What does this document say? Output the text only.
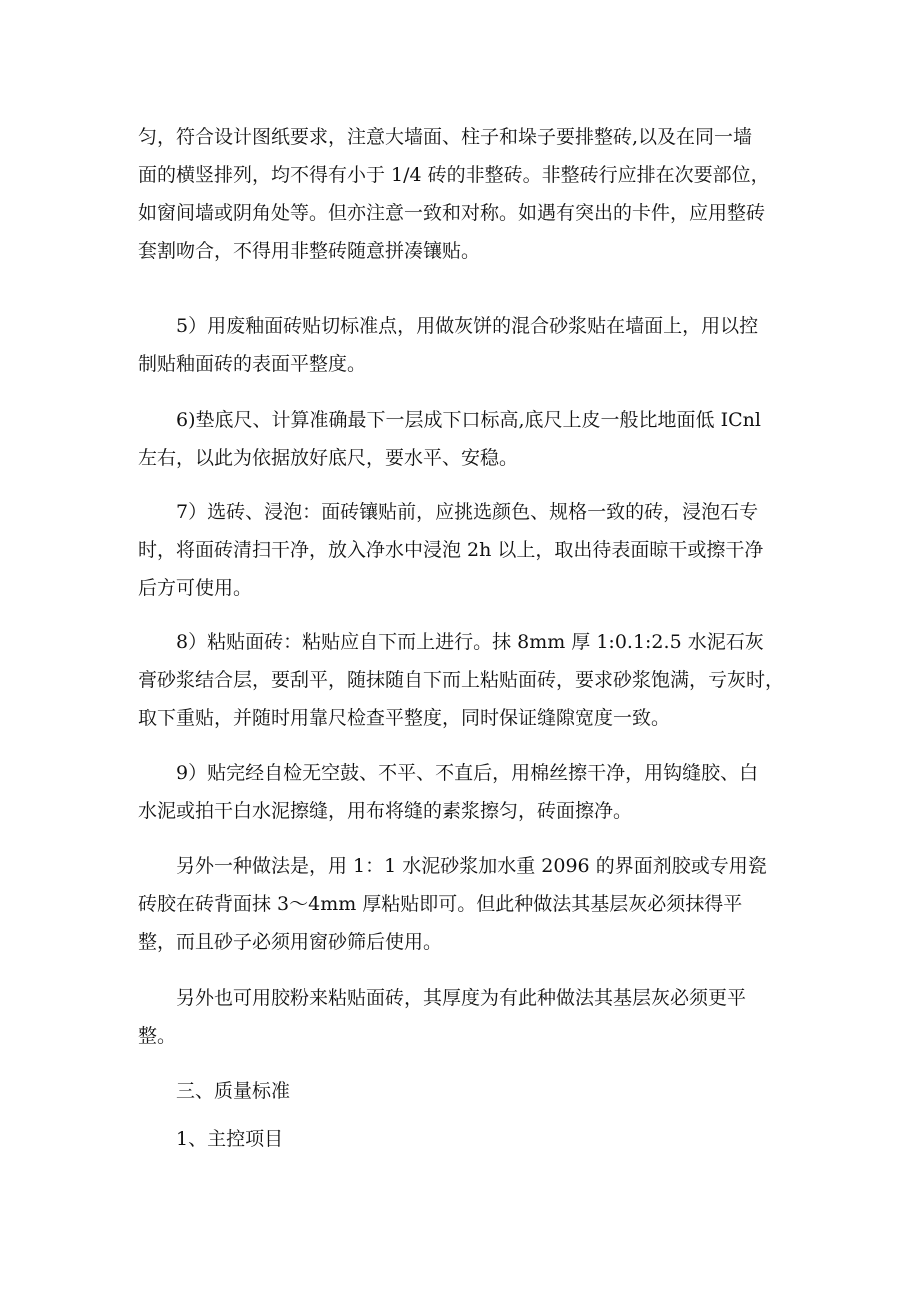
匀，符合设计图纸要求，注意大墙面、柱子和垛子要排整砖,以及在同一墙
面的横竖排列，均不得有小于 1/4 砖的非整砖。非整砖行应排在次要部位，
如窗间墙或阴角处等。但亦注意一致和对称。如遇有突出的卡件，应用整砖
套割吻合，不得用非整砖随意拼凑镶贴。
5）用废釉面砖贴切标准点，用做灰饼的混合砂浆贴在墙面上，用以控
制贴釉面砖的表面平整度。
6)垫底尺、计算准确最下一层成下口标高,底尺上皮一般比地面低 ICnl
左右，以此为依据放好底尺，要水平、安稳。
7）选砖、浸泡：面砖镶贴前，应挑选颜色、规格一致的砖，浸泡石专
时，将面砖清扫干净，放入净水中浸泡 2h 以上，取出待表面晾干或擦干净
后方可使用。
8）粘贴面砖：粘贴应自下而上进行。抹 8mm 厚 1:0.1:2.5 水泥石灰
膏砂浆结合层，要刮平，随抹随自下而上粘贴面砖，要求砂浆饱满，亏灰时，
取下重贴，并随时用靠尺检查平整度，同时保证缝隙宽度一致。
9）贴完经自检无空鼓、不平、不直后，用棉丝擦干净，用钩缝胶、白
水泥或拍干白水泥擦缝，用布将缝的素浆擦匀，砖面擦净。
另外一种做法是，用 1：1 水泥砂浆加水重 2096 的界面剂胶或专用瓷
砖胶在砖背面抹 3～4mm 厚粘贴即可。但此种做法其基层灰必须抹得平
整，而且砂子必须用窗砂筛后使用。
另外也可用胶粉来粘贴面砖，其厚度为有此种做法其基层灰必须更平
整。
三、质量标准
1、主控项目
